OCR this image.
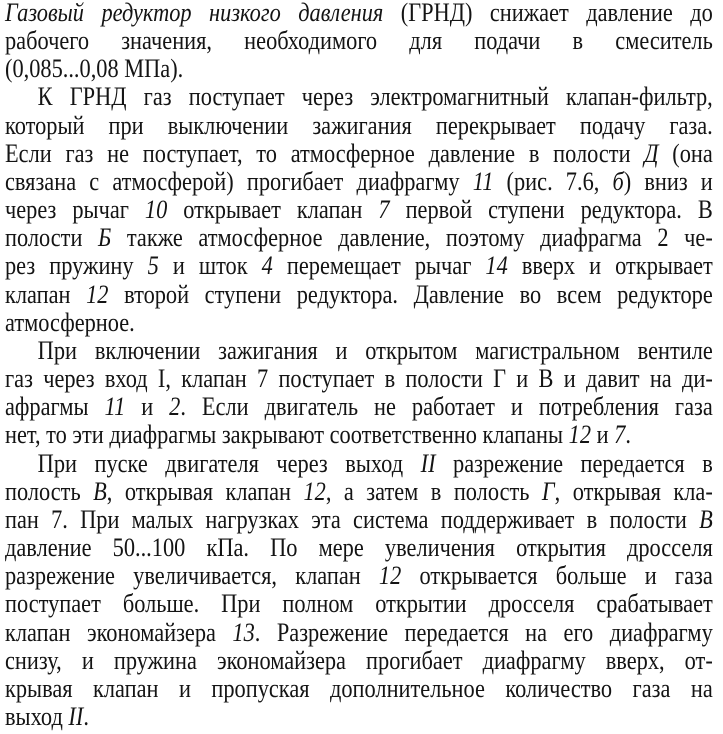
Газовый редуктор низкого давления (ГРНД) снижает давление до
рабочего значения, необходимого для подачи в смеситель
(0,085...0,08 МПа).
К ГРНД газ поступает через электромагнитный клапан-фильтр,
который при выключении зажигания перекрывает подачу газа.
Если газ не поступает, то атмосферное давление в полости Д (она
связана с атмосферой) прогибает диафрагму 11 (рис. 7.6, б) вниз и
через рычаг 10 открывает клапан 7 первой ступени редуктора. В
полости Б также атмосферное давление, поэтому диафрагма 2 че-
рез пружину 5 и шток 4 перемещает рычаг 14 вверх и открывает
клапан 12 второй ступени редуктора. Давление во всем редукторе
атмосферное.
При включении зажигания и открытом магистральном вентиле
газ через вход I, клапан 7 поступает в полости Г и В и давит на ди-
афрагмы 11 и 2. Если двигатель не работает и потребления газа
нет, то эти диафрагмы закрывают соответственно клапаны 12 и 7.
При пуске двигателя через выход II разрежение передается в
полость В, открывая клапан 12, а затем в полость Г, открывая кла-
пан 7. При малых нагрузках эта система поддерживает в полости В
давление 50...100 кПа. По мере увеличения открытия дросселя
разрежение увеличивается, клапан 12 открывается больше и газа
поступает больше. При полном открытии дросселя срабатывает
клапан экономайзера 13. Разрежение передается на его диафрагму
снизу, и пружина экономайзера прогибает диафрагму вверх, от-
крывая клапан и пропуская дополнительное количество газа на
выход II.
